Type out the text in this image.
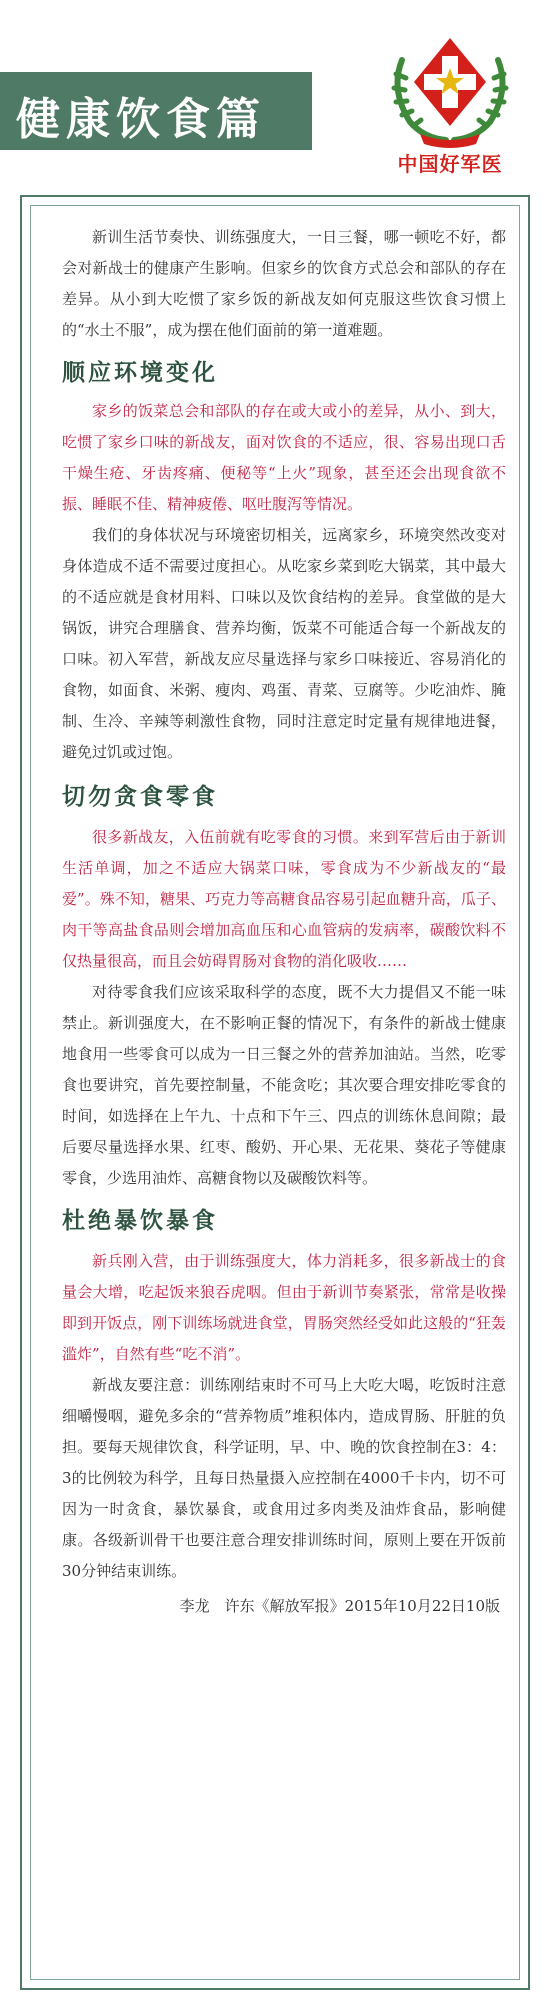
健康饮食篇
中国好军医

新训生活节奏快、训练强度大，一日三餐，哪一顿吃不好，都会对新战士的健康产生影响。但家乡的饮食方式总会和部队的存在差异。从小到大吃惯了家乡饭的新战友如何克服这些饮食习惯上的“水土不服”，成为摆在他们面前的第一道难题。

顺应环境变化

家乡的饭菜总会和部队的存在或大或小的差异，从小、到大，吃惯了家乡口味的新战友，面对饮食的不适应，很、容易出现口舌干燥生疮、牙齿疼痛、便秘等“上火”现象，甚至还会出现食欲不振、睡眠不佳、精神疲倦、呕吐腹泻等情况。

我们的身体状况与环境密切相关，远离家乡，环境突然改变对身体造成不适不需要过度担心。从吃家乡菜到吃大锅菜，其中最大的不适应就是食材用料、口味以及饮食结构的差异。食堂做的是大锅饭，讲究合理膳食、营养均衡，饭菜不可能适合每一个新战友的口味。初入军营，新战友应尽量选择与家乡口味接近、容易消化的食物，如面食、米粥、瘦肉、鸡蛋、青菜、豆腐等。少吃油炸、腌制、生冷、辛辣等刺激性食物，同时注意定时定量有规律地进餐，避免过饥或过饱。

切勿贪食零食

很多新战友，入伍前就有吃零食的习惯。来到军营后由于新训生活单调，加之不适应大锅菜口味，零食成为不少新战友的“最爱”。殊不知，糖果、巧克力等高糖食品容易引起血糖升高，瓜子、肉干等高盐食品则会增加高血压和心血管病的发病率，碳酸饮料不仅热量很高，而且会妨碍胃肠对食物的消化吸收……

对待零食我们应该采取科学的态度，既不大力提倡又不能一味禁止。新训强度大，在不影响正餐的情况下，有条件的新战士健康地食用一些零食可以成为一日三餐之外的营养加油站。当然，吃零食也要讲究，首先要控制量，不能贪吃；其次要合理安排吃零食的时间，如选择在上午九、十点和下午三、四点的训练休息间隙；最后要尽量选择水果、红枣、酸奶、开心果、无花果、葵花子等健康零食，少选用油炸、高糖食物以及碳酸饮料等。

杜绝暴饮暴食

新兵刚入营，由于训练强度大，体力消耗多，很多新战士的食量会大增，吃起饭来狼吞虎咽。但由于新训节奏紧张，常常是收操即到开饭点，刚下训练场就进食堂，胃肠突然经受如此这般的“狂轰滥炸”，自然有些“吃不消”。

新战友要注意：训练刚结束时不可马上大吃大喝，吃饭时注意细嚼慢咽，避免多余的“营养物质”堆积体内，造成胃肠、肝脏的负担。要每天规律饮食，科学证明，早、中、晚的饮食控制在3：4：3的比例较为科学，且每日热量摄入应控制在4000千卡内，切不可因为一时贪食，暴饮暴食，或食用过多肉类及油炸食品，影响健康。各级新训骨干也要注意合理安排训练时间，原则上要在开饭前30分钟结束训练。

李龙　许东《解放军报》2015年10月22日10版
